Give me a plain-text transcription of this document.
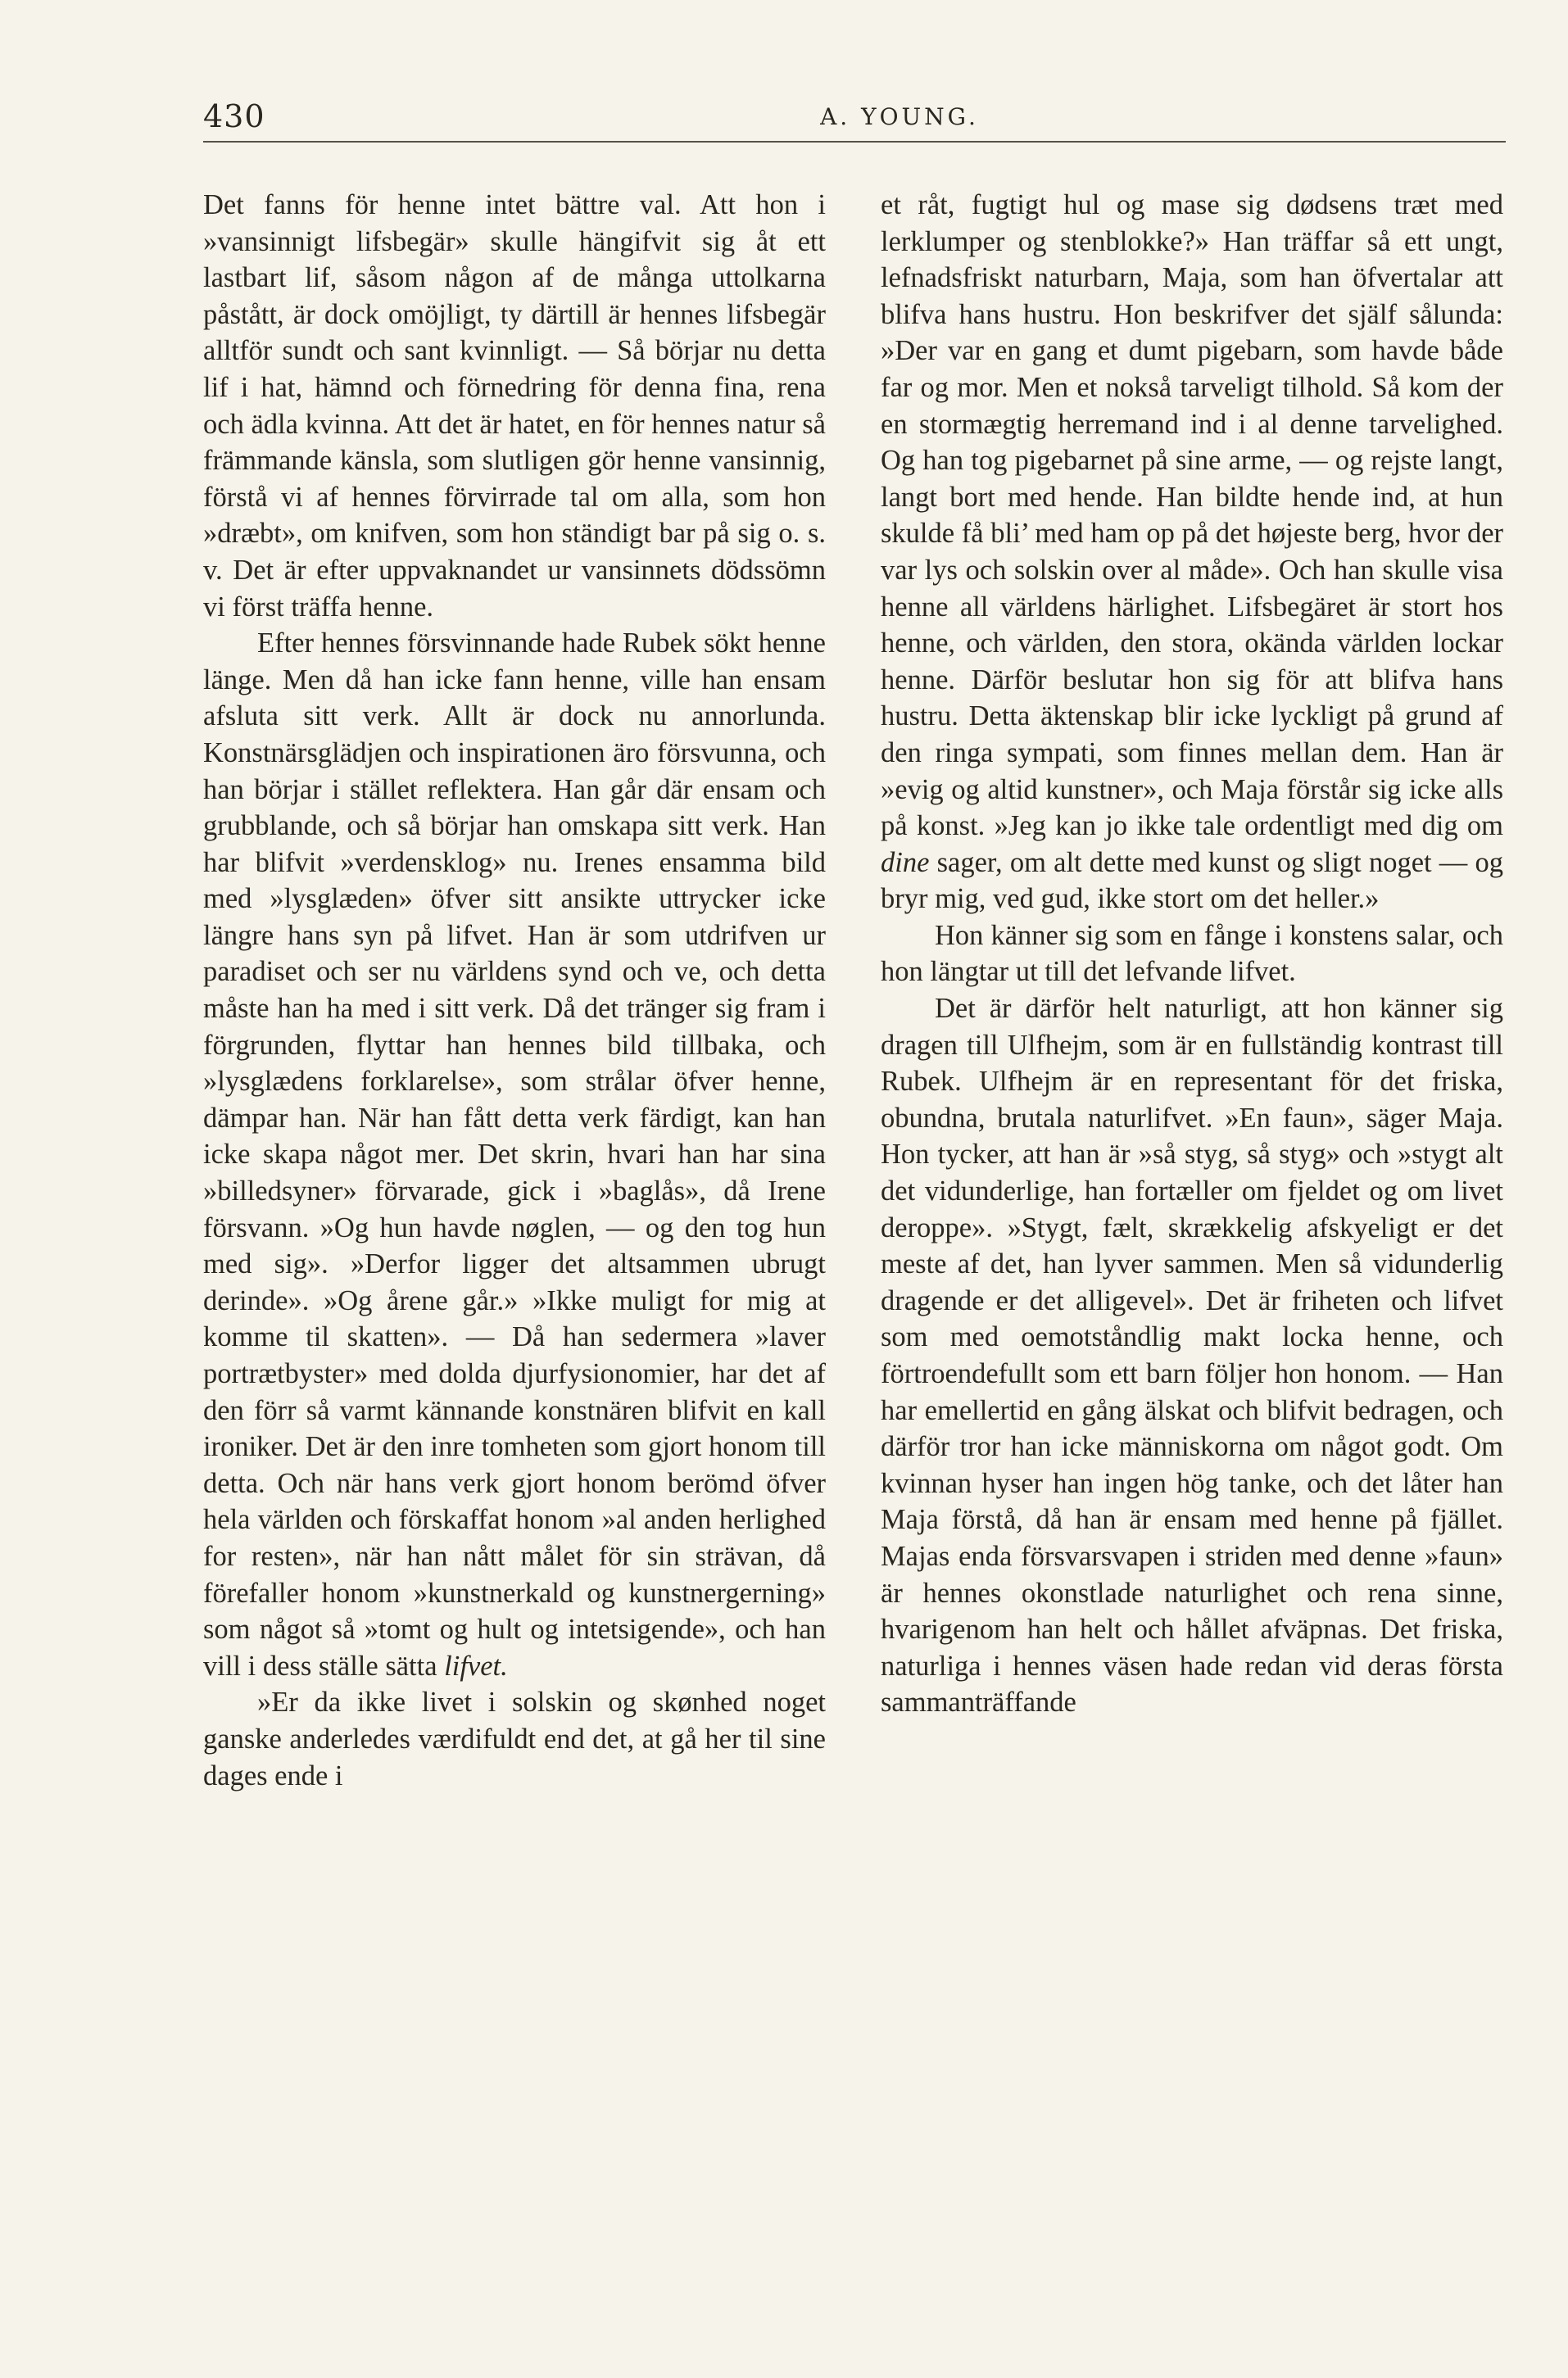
430	A. YOUNG.

Det fanns för henne intet bättre val. Att hon i »vansinnigt lifsbegär» skulle hängifvit sig åt ett lastbart lif, såsom någon af de många uttolkarna påstått, är dock omöjligt, ty därtill är hennes lifsbegär alltför sundt och sant kvinnligt. — Så börjar nu detta lif i hat, hämnd och förnedring för denna fina, rena och ädla kvinna. Att det är hatet, en för hennes natur så främmande känsla, som slutligen gör henne vansinnig, förstå vi af hennes förvirrade tal om alla, som hon »dræbt», om knifven, som hon ständigt bar på sig o. s. v. Det är efter uppvaknandet ur vansinnets dödssömn vi först träffa henne.

Efter hennes försvinnande hade Rubek sökt henne länge. Men då han icke fann henne, ville han ensam afsluta sitt verk. Allt är dock nu annorlunda. Konstnärsglädjen och inspirationen äro försvunna, och han börjar i stället reflektera. Han går där ensam och grubblande, och så börjar han omskapa sitt verk. Han har blifvit »verdensklog» nu. Irenes ensamma bild med »lysglæden» öfver sitt ansikte uttrycker icke längre hans syn på lifvet. Han är som utdrifven ur paradiset och ser nu världens synd och ve, och detta måste han ha med i sitt verk. Då det tränger sig fram i förgrunden, flyttar han hennes bild tillbaka, och »lysglædens forklarelse», som strålar öfver henne, dämpar han. När han fått detta verk färdigt, kan han icke skapa något mer. Det skrin, hvari han har sina »billedsyner» förvarade, gick i »baglås», då Irene försvann. »Og hun havde nøglen, — og den tog hun med sig». »Derfor ligger det altsammen ubrugt derinde». »Og årene går.» »Ikke muligt for mig at komme til skatten». — Då han sedermera »laver portrætbyster» med dolda djurfysionomier, har det af den förr så varmt kännande konstnären blifvit en kall ironiker. Det är den inre tomheten som gjort honom till detta. Och när hans verk gjort honom berömd öfver hela världen och förskaffat honom »al anden herlighed for resten», när han nått målet för sin strävan, då förefaller honom »kunstnerkald og kunstnergerning» som något så »tomt og hult og intetsigende», och han vill i dess ställe sätta lifvet.

»Er da ikke livet i solskin og skønhed noget ganske anderledes værdifuldt end det, at gå her til sine dages ende i

et råt, fugtigt hul og mase sig dødsens træt med lerklumper og stenblokke?» Han träffar så ett ungt, lefnadsfriskt naturbarn, Maja, som han öfvertalar att blifva hans hustru. Hon beskrifver det själf sålunda: »Der var en gang et dumt pigebarn, som havde både far og mor. Men et nokså tarveligt tilhold. Så kom der en stormægtig herremand ind i al denne tarvelighed. Og han tog pigebarnet på sine arme, — og rejste langt, langt bort med hende. Han bildte hende ind, at hun skulde få bli’ med ham op på det højeste berg, hvor der var lys och solskin over al måde». Och han skulle visa henne all världens härlighet. Lifsbegäret är stort hos henne, och världen, den stora, okända världen lockar henne. Därför beslutar hon sig för att blifva hans hustru. Detta äktenskap blir icke lyckligt på grund af den ringa sympati, som finnes mellan dem. Han är »evig og altid kunstner», och Maja förstår sig icke alls på konst. »Jeg kan jo ikke tale ordentligt med dig om dine sager, om alt dette med kunst og sligt noget — og bryr mig, ved gud, ikke stort om det heller.»

Hon känner sig som en fånge i konstens salar, och hon längtar ut till det lefvande lifvet.

Det är därför helt naturligt, att hon känner sig dragen till Ulfhejm, som är en fullständig kontrast till Rubek. Ulfhejm är en representant för det friska, obundna, brutala naturlifvet. »En faun», säger Maja. Hon tycker, att han är »så styg, så styg» och »stygt alt det vidunderlige, han fortæller om fjeldet og om livet deroppe». »Stygt, fælt, skrækkelig afskyeligt er det meste af det, han lyver sammen. Men så vidunderlig dragende er det alligevel». Det är friheten och lifvet som med oemotståndlig makt locka henne, och förtroendefullt som ett barn följer hon honom. — Han har emellertid en gång älskat och blifvit bedragen, och därför tror han icke människorna om något godt. Om kvinnan hyser han ingen hög tanke, och det låter han Maja förstå, då han är ensam med henne på fjället. Majas enda försvarsvapen i striden med denne »faun» är hennes okonstlade naturlighet och rena sinne, hvarigenom han helt och hållet afväpnas. Det friska, naturliga i hennes väsen hade redan vid deras första sammanträffande
